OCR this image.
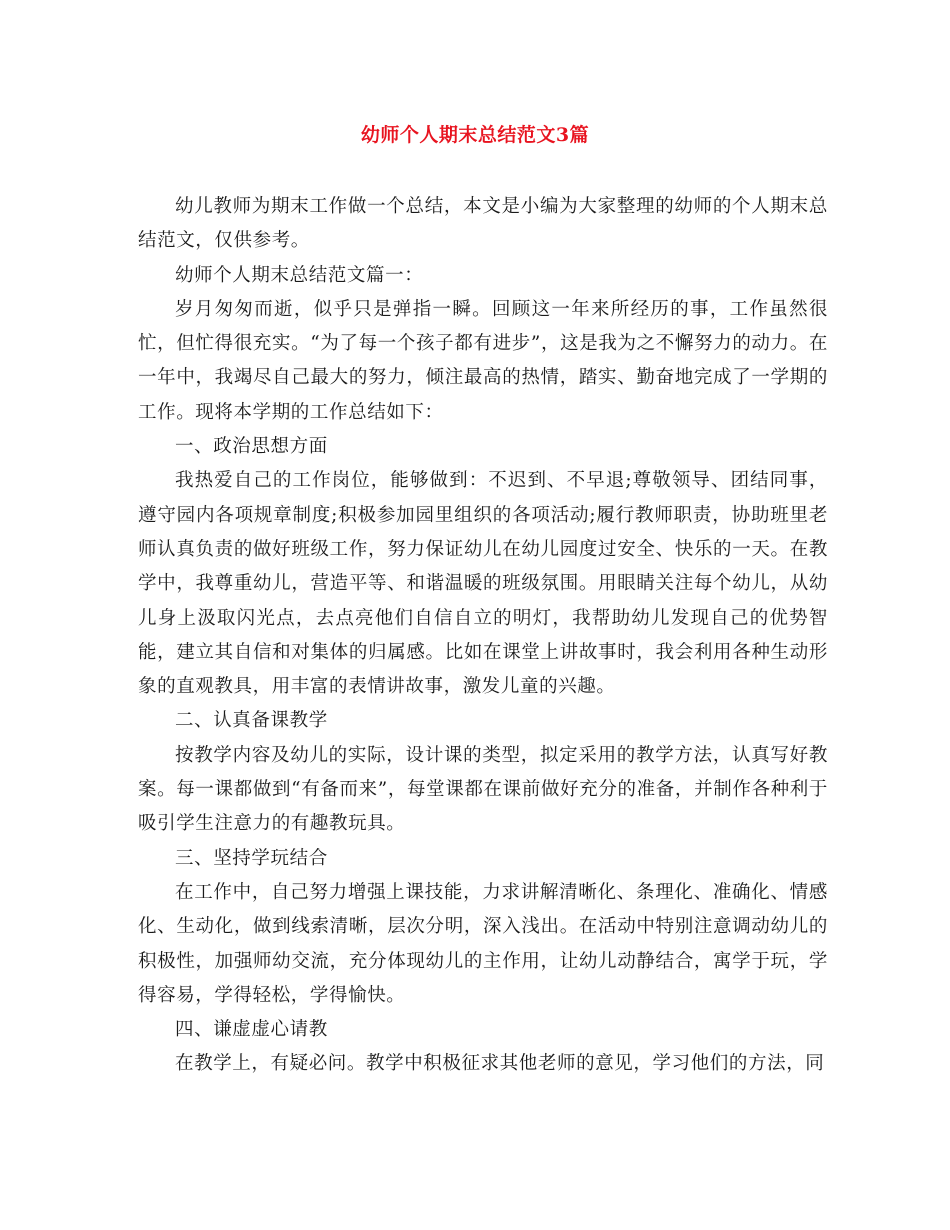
幼师个人期末总结范文3篇

幼儿教师为期末工作做一个总结，本文是小编为大家整理的幼师的个人期末总结范文，仅供参考。

幼师个人期末总结范文篇一：

岁月匆匆而逝，似乎只是弹指一瞬。回顾这一年来所经历的事，工作虽然很忙，但忙得很充实。“为了每一个孩子都有进步”，这是我为之不懈努力的动力。在一年中，我竭尽自己最大的努力，倾注最高的热情，踏实、勤奋地完成了一学期的工作。现将本学期的工作总结如下：

一、政治思想方面

我热爱自己的工作岗位，能够做到：不迟到、不早退;尊敬领导、团结同事，遵守园内各项规章制度;积极参加园里组织的各项活动;履行教师职责，协助班里老师认真负责的做好班级工作，努力保证幼儿在幼儿园度过安全、快乐的一天。在教学中，我尊重幼儿，营造平等、和谐温暖的班级氛围。用眼睛关注每个幼儿，从幼儿身上汲取闪光点，去点亮他们自信自立的明灯，我帮助幼儿发现自己的优势智能，建立其自信和对集体的归属感。比如在课堂上讲故事时，我会利用各种生动形象的直观教具，用丰富的表情讲故事，激发儿童的兴趣。

二、认真备课教学

按教学内容及幼儿的实际，设计课的类型，拟定采用的教学方法，认真写好教案。每一课都做到“有备而来”，每堂课都在课前做好充分的准备，并制作各种利于吸引学生注意力的有趣教玩具。

三、坚持学玩结合

在工作中，自己努力增强上课技能，力求讲解清晰化、条理化、准确化、情感化、生动化，做到线索清晰，层次分明，深入浅出。在活动中特别注意调动幼儿的积极性，加强师幼交流，充分体现幼儿的主作用，让幼儿动静结合，寓学于玩，学得容易，学得轻松，学得愉快。

四、谦虚虚心请教

在教学上，有疑必问。教学中积极征求其他老师的意见，学习他们的方法，同
